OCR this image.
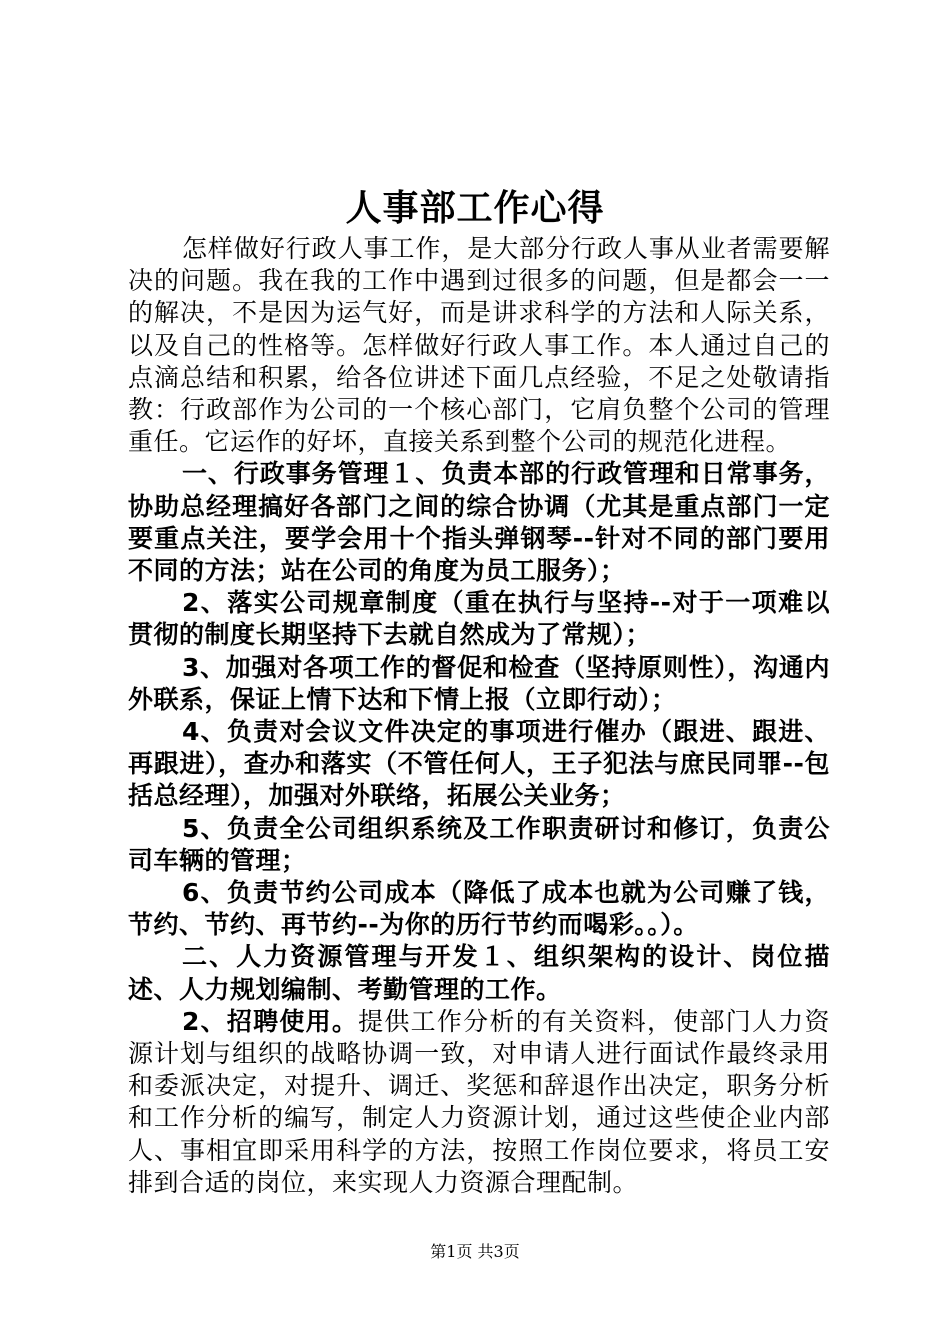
人事部工作心得

怎样做好行政人事工作，是大部分行政人事从业者需要解决的问题。我在我的工作中遇到过很多的问题，但是都会一一的解决，不是因为运气好，而是讲求科学的方法和人际关系，以及自己的性格等。怎样做好行政人事工作。本人通过自己的点滴总结和积累，给各位讲述下面几点经验，不足之处敬请指教：行政部作为公司的一个核心部门，它肩负整个公司的管理重任。它运作的好坏，直接关系到整个公司的规范化进程。

一、行政事务管理１、负责本部的行政管理和日常事务，协助总经理搞好各部门之间的综合协调（尤其是重点部门一定要重点关注，要学会用十个指头弹钢琴--针对不同的部门要用不同的方法；站在公司的角度为员工服务）；

2、落实公司规章制度（重在执行与坚持--对于一项难以贯彻的制度长期坚持下去就自然成为了常规）；

3、加强对各项工作的督促和检查（坚持原则性），沟通内外联系，保证上情下达和下情上报（立即行动）；

4、负责对会议文件决定的事项进行催办（跟进、跟进、再跟进），查办和落实（不管任何人，王子犯法与庶民同罪--包括总经理），加强对外联络，拓展公关业务；

5、负责全公司组织系统及工作职责研讨和修订，负责公司车辆的管理；

6、负责节约公司成本（降低了成本也就为公司赚了钱，节约、节约、再节约--为你的历行节约而喝彩。。）。

二、人力资源管理与开发１、组织架构的设计、岗位描述、人力规划编制、考勤管理的工作。

2、招聘使用。提供工作分析的有关资料，使部门人力资源计划与组织的战略协调一致，对申请人进行面试作最终录用和委派决定，对提升、调迁、奖惩和辞退作出决定，职务分析和工作分析的编写，制定人力资源计划，通过这些使企业内部人、事相宜即采用科学的方法，按照工作岗位要求，将员工安排到合适的岗位，来实现人力资源合理配制。

第1页 共3页
